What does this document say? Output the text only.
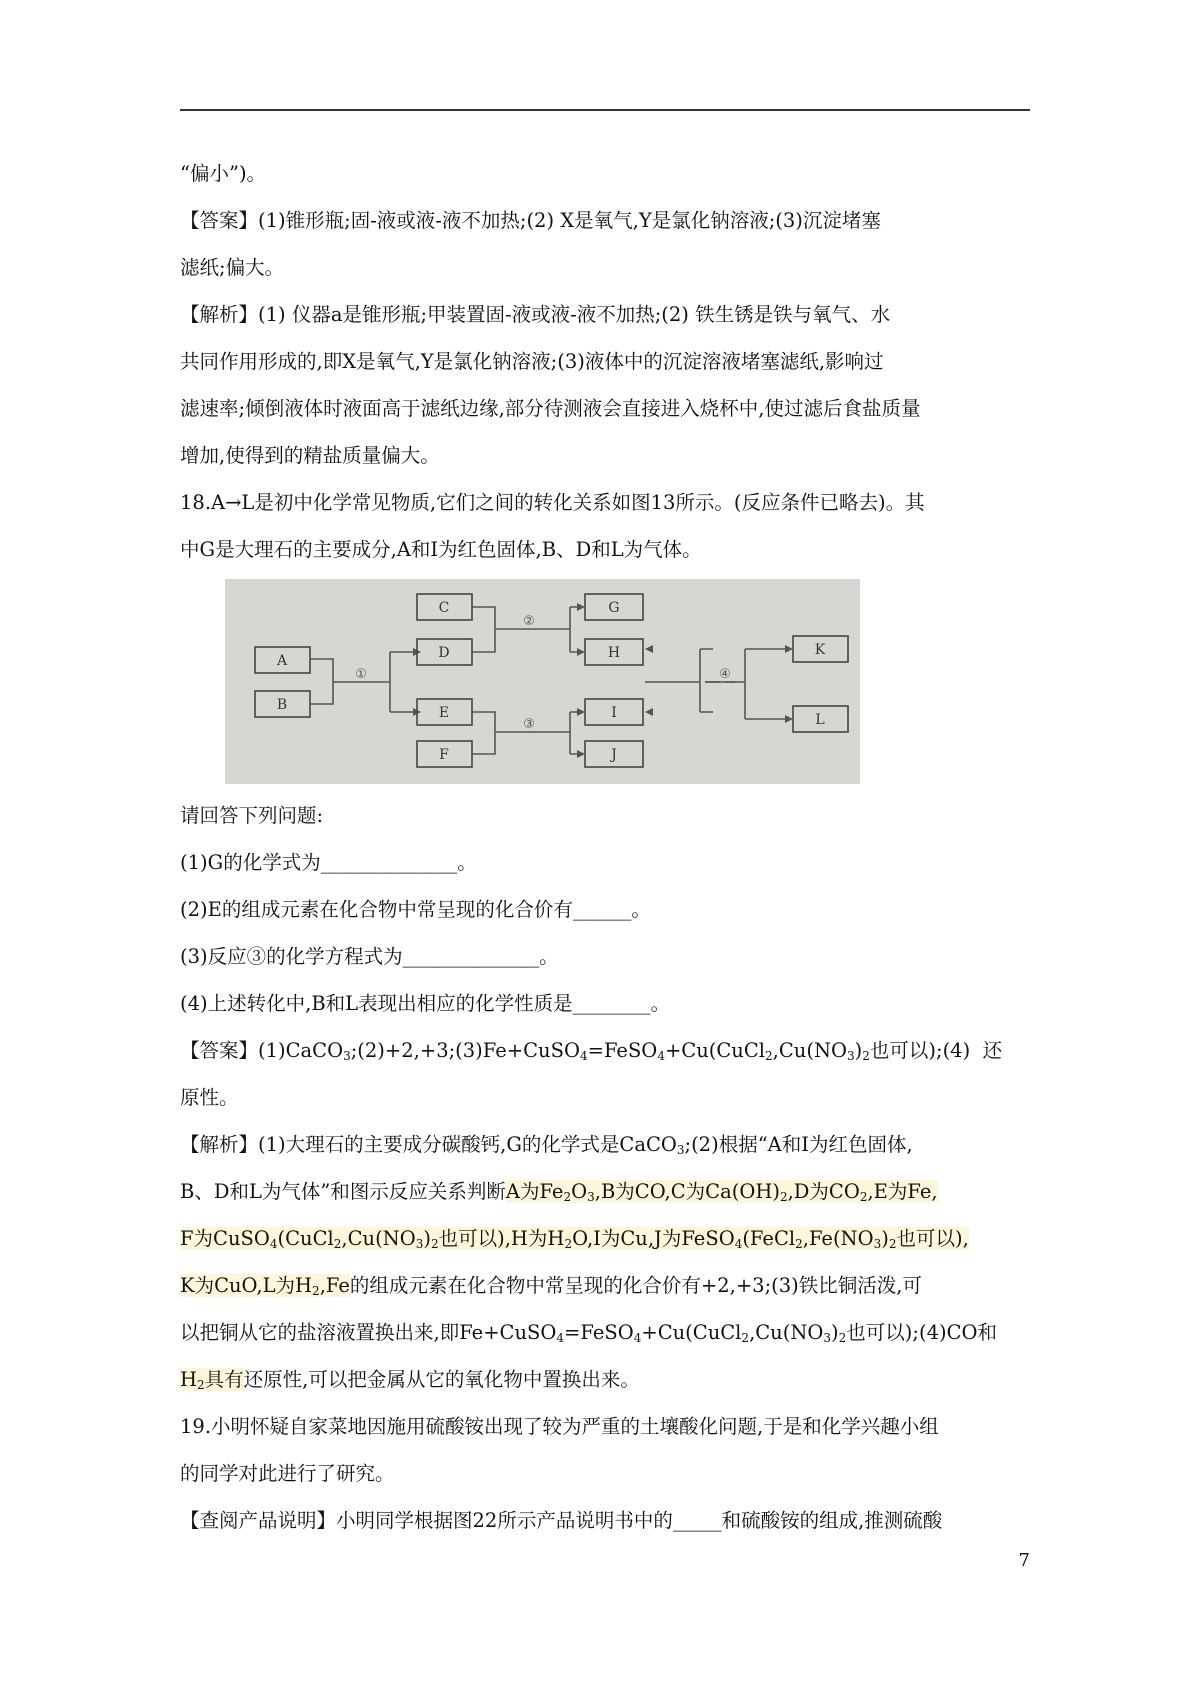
“偏小”)。

【答案】(1)锥形瓶;固-液或液-液不加热;(2) X是氧气,Y是氯化钠溶液;(3)沉淀堵塞

滤纸;偏大。

【解析】(1) 仪器a是锥形瓶;甲装置固-液或液-液不加热;(2) 铁生锈是铁与氧气、水

共同作用形成的,即X是氧气,Y是氯化钠溶液;(3)液体中的沉淀溶液堵塞滤纸,影响过

滤速率;倾倒液体时液面高于滤纸边缘,部分待测液会直接进入烧杯中,使过滤后食盐质量

增加,使得到的精盐质量偏大。

18.A→L是初中化学常见物质,它们之间的转化关系如图13所示。(反应条件已略去)。其

中G是大理石的主要成分,A和I为红色固体,B、D和L为气体。

A
B
C
D
E
F
G
H
I
J
K
L
①
②
③
④

请回答下列问题:

(1)G的化学式为______________。

(2)E的组成元素在化合物中常呈现的化合价有______。

(3)反应③的化学方程式为______________。

(4)上述转化中,B和L表现出相应的化学性质是________。

【答案】$(1)CaCO_3;(2)+2,+3;(3)Fe+CuSO_4=FeSO_4+Cu(CuCl_2,Cu(NO_3)_2$也可以);(4)  还

原性。

【解析】(1)大理石的主要成分碳酸钙,G的化学式是CaCO$_3$;(2)根据“A和I为红色固体,

B、D和L为气体”和图示反应关系判断A为$Fe_2O_3,B$为CO,C为$Ca(OH)_2,D$为$CO_2,E$为Fe,

F为$CuSO_4(CuCl_2,Cu(NO_3)_2$也可以),H为$H_2O,I$为Cu,J为$FeSO_4(FeCl_2,Fe(NO_3)_2$也可以),

K为CuO,L为$H_2,Fe$的组成元素在化合物中常呈现的化合价有+2,+3;(3)铁比铜活泼,可

以把铜从它的盐溶液置换出来,即$Fe+CuSO_4=FeSO_4+Cu(CuCl_2,Cu(NO_3)_2$也可以);(4)CO和

$H_2$具有还原性,可以把金属从它的氧化物中置换出来。

19.小明怀疑自家菜地因施用硫酸铵出现了较为严重的土壤酸化问题,于是和化学兴趣小组

的同学对此进行了研究。

【查阅产品说明】小明同学根据图22所示产品说明书中的_____和硫酸铵的组成,推测硫酸

7
